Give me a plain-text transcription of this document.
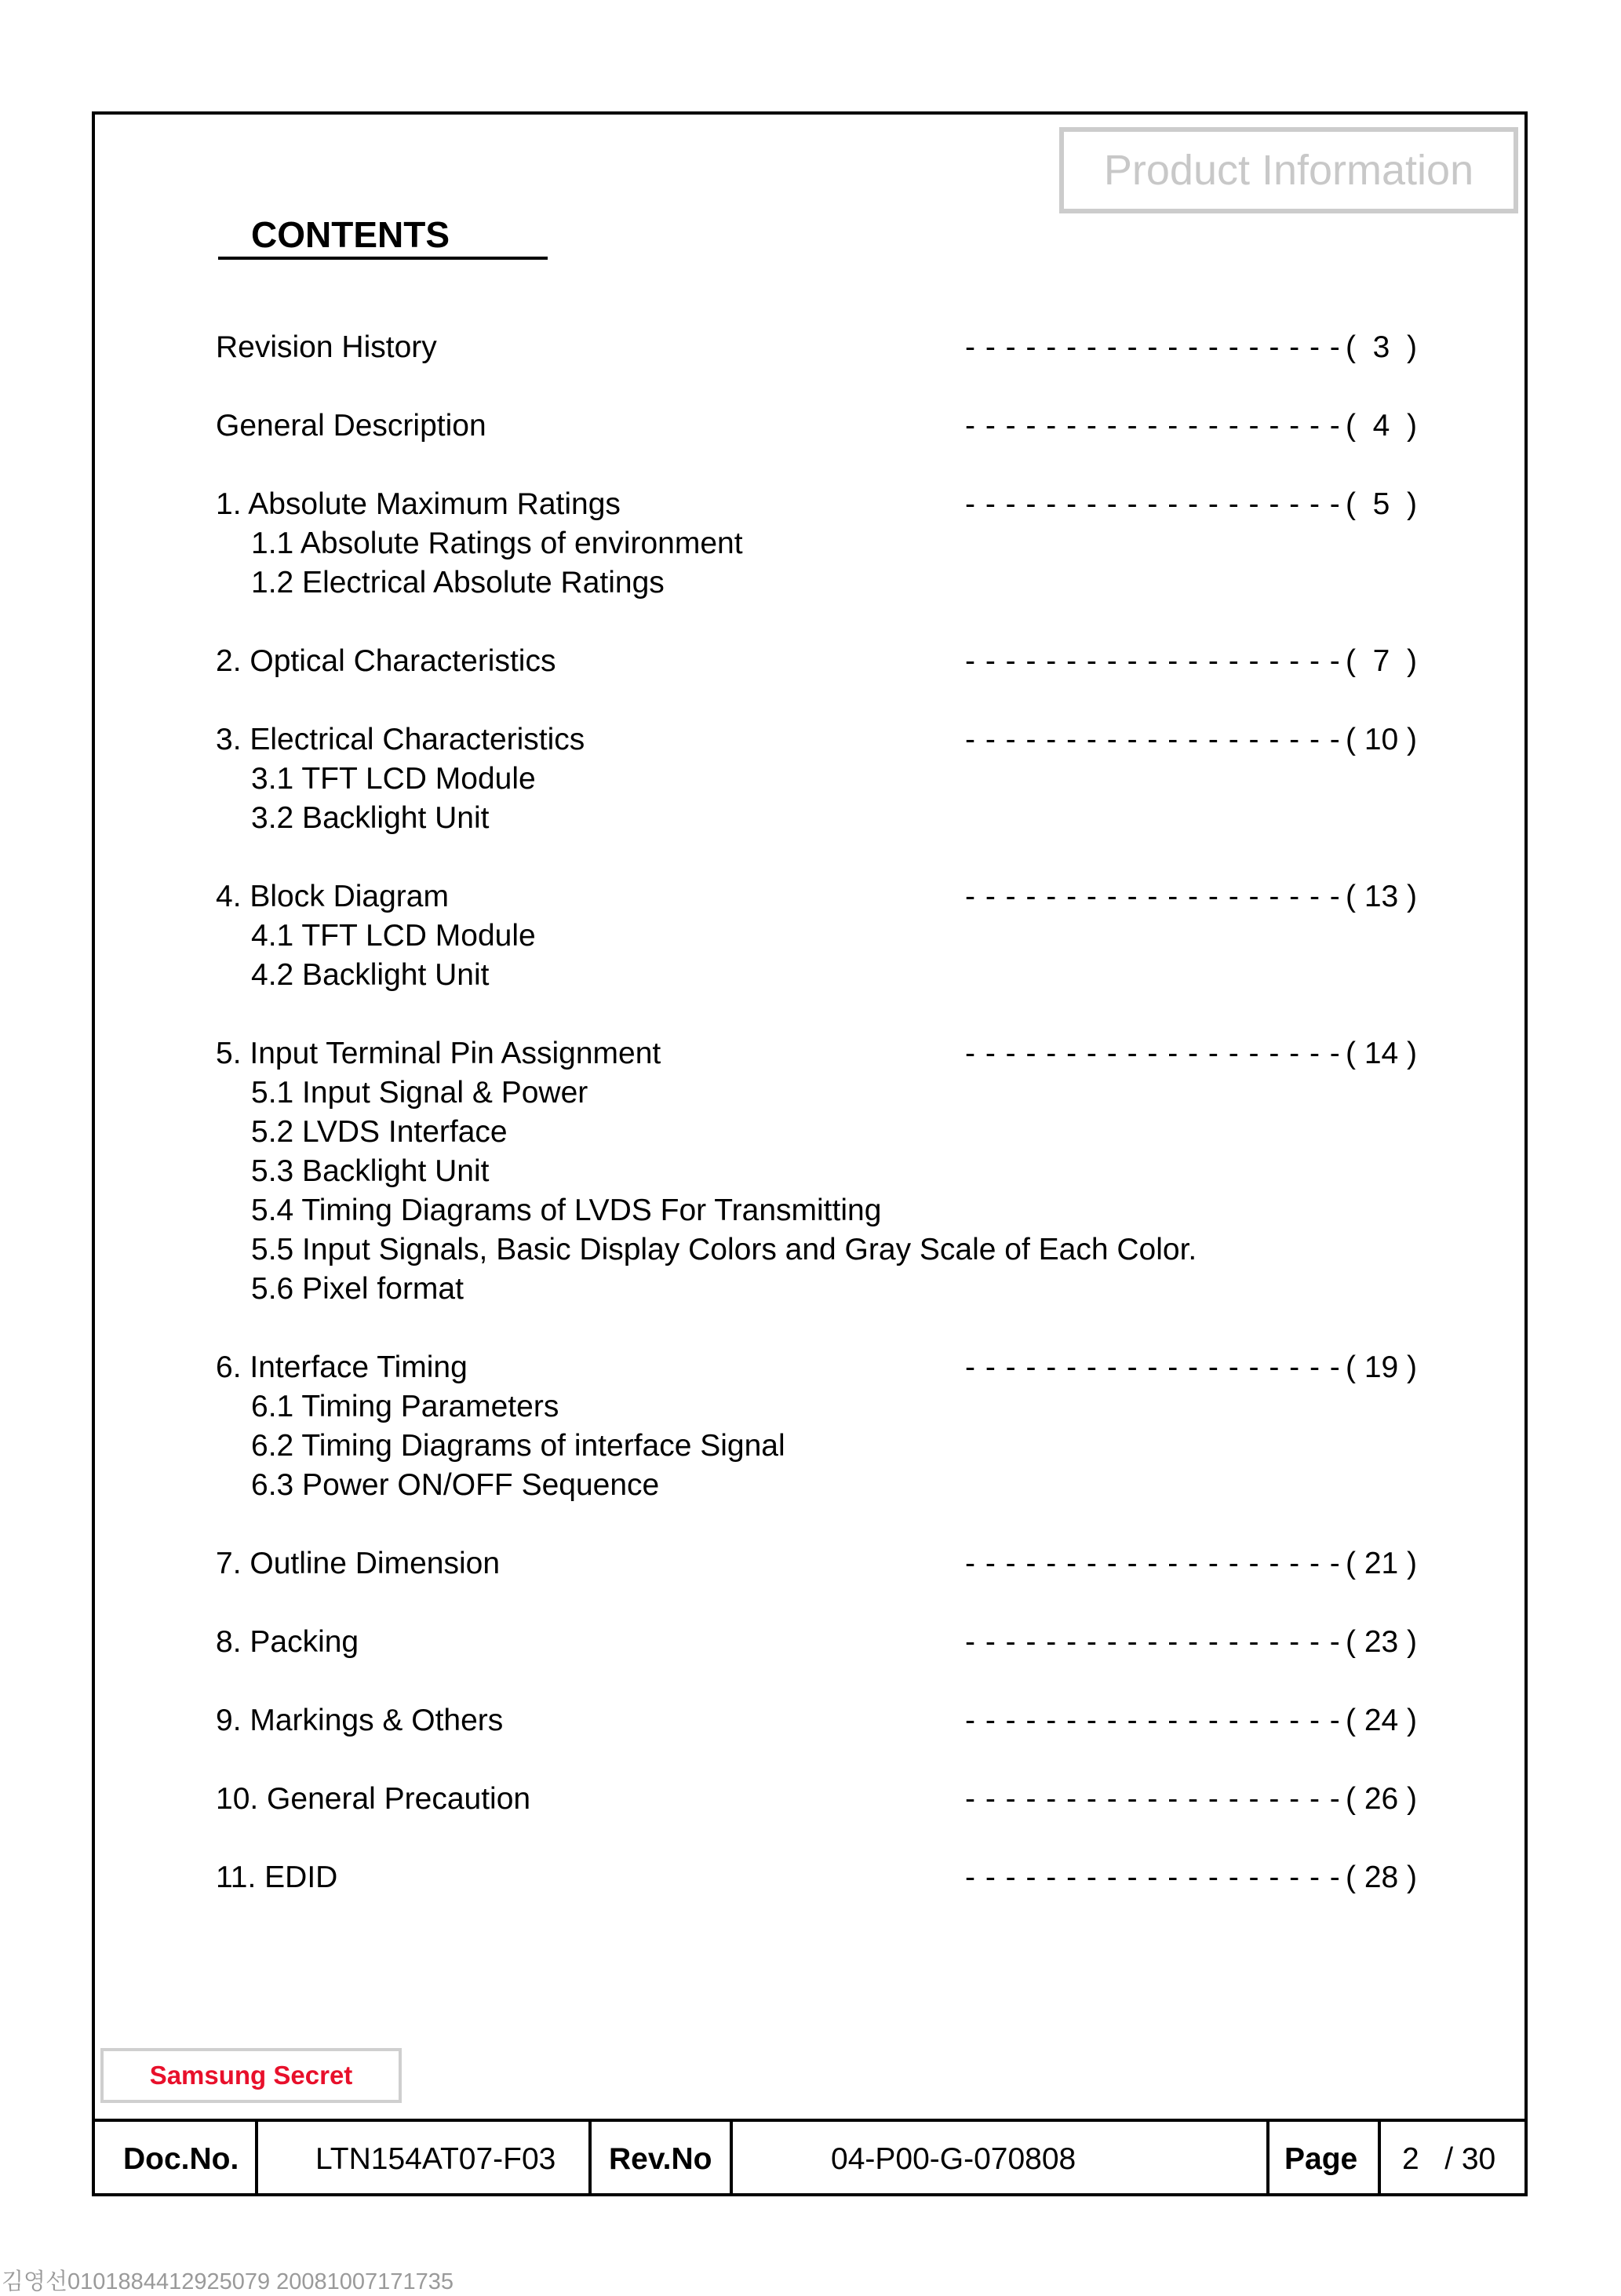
Product Information
CONTENTS
Revision History	- - - - - - - - - - - - - - - - - - - (  3  )
General Description	- - - - - - - - - - - - - - - - - - - (  4  )
1. Absolute Maximum Ratings	- - - - - - - - - - - - - - - - - - - (  5  )
1.1 Absolute Ratings of environment
1.2 Electrical Absolute Ratings
2. Optical Characteristics	- - - - - - - - - - - - - - - - - - - (  7  )
3. Electrical Characteristics	- - - - - - - - - - - - - - - - - - - ( 10 )
3.1 TFT LCD Module
3.2 Backlight Unit
4. Block Diagram	- - - - - - - - - - - - - - - - - - - ( 13 )
4.1 TFT LCD Module
4.2 Backlight Unit
5. Input Terminal Pin Assignment	- - - - - - - - - - - - - - - - - - - ( 14 )
5.1 Input Signal & Power
5.2 LVDS Interface
5.3 Backlight Unit
5.4 Timing Diagrams of LVDS For Transmitting
5.5 Input Signals, Basic Display Colors and Gray Scale of Each Color.
5.6 Pixel format
6. Interface Timing	- - - - - - - - - - - - - - - - - - - ( 19 )
6.1 Timing Parameters
6.2 Timing Diagrams of interface Signal
6.3 Power ON/OFF Sequence
7. Outline Dimension	- - - - - - - - - - - - - - - - - - - ( 21 )
8. Packing	- - - - - - - - - - - - - - - - - - - ( 23 )
9. Markings & Others	- - - - - - - - - - - - - - - - - - - ( 24 )
10. General Precaution	- - - - - - - - - - - - - - - - - - - ( 26 )
11. EDID	- - - - - - - - - - - - - - - - - - - ( 28 )
Samsung Secret
Doc.No.	LTN154AT07-F03	Rev.No	04-P00-G-070808	Page	2   / 30
김영선01018844129250​79 20081007171735
